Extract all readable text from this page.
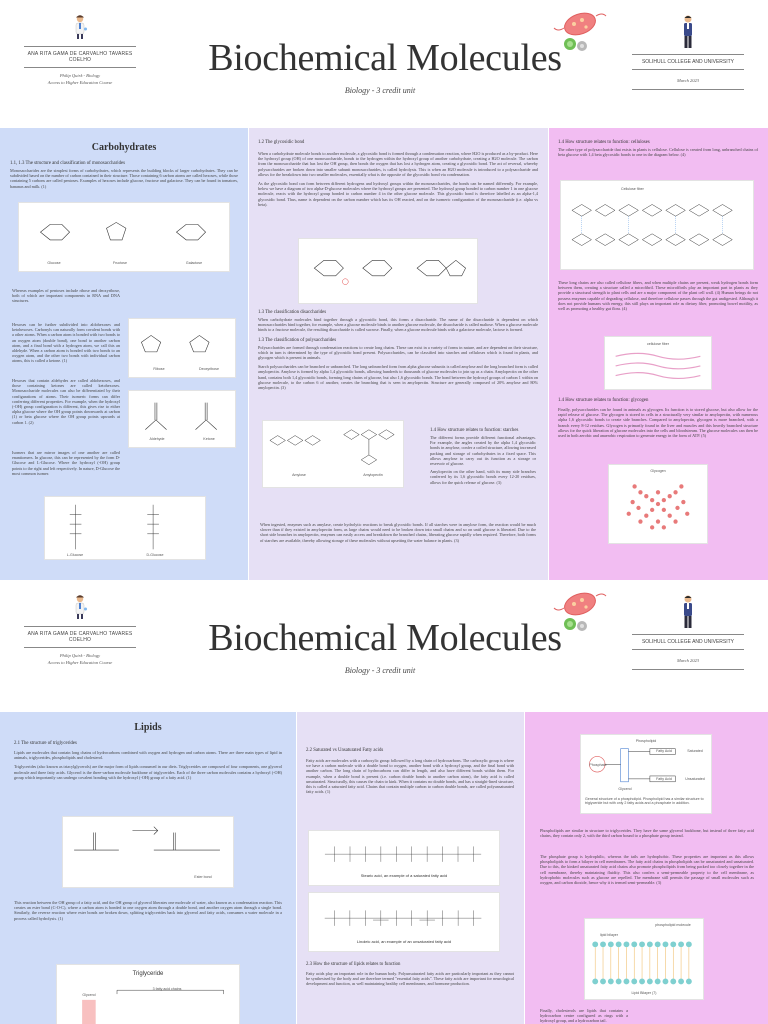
ANA RITA GAMA DE CARVALHO TAVARES COELHO
Philip Quirk - Biology
Access to Higher Education Course
Biochemical Molecules
Biology - 3 credit unit
SOLIHULL COLLEGE AND UNIVERSITY
March 2023
Carbohydrates
1.1, 1.3 The structure and classification of monosaccharides
Monosaccharides are the simplest forms of carbohydrates, which represents the building blocks of larger carbohydrates. They can be subdivided based on the number of carbon contained in their structure. Those containing 6 carbon atoms are called hexoses, while those containing 5 carbons are called pentoses. Examples of hexoses include glucose, fructose and galactose. They can be found in tomatoes, bananas and milk. (1)
Glucose	Fructose	Galactose
Whereas examples of pentoses include ribose and deoxyribose, both of which are important components in RNA and DNA structures.
Hexoses can be further subdivided into aldohexoses and ketohexoses. Carbonyls can naturally form covalent bonds with a other atoms. When a carbon atom is bonded with two bonds to an oxygen atom (double bond), one bond to another carbon atom, and a final bond with a hydrogen atom, we call this an aldehyde. When a carbon atom is bonded with two bonds to an oxygen atom, and the other two bonds with individual carbon atoms, this is called a ketone. (1)
Ribose	Deoxyribose
Hexoses that contain aldehydes are called aldohexoses, and those containing ketones are called ketohexoses. Monosaccharide molecules can also be differentiated by their configurations of atoms. Their isomeric forms can differ conferring different properties. For example, when the hydroxyl (-OH) group configuration is different, this gives rise to either alpha glucose where the OH group points downwards at carbon (1) or beta glucose where the OH group points upwards at carbon 1. (2)
Aldehyde	Ketone
Isomers that are mirror images of one another are called enantiomers. In glucose, this can be represented by the form D-Glucose and L-Glucose. Where the hydroxyl (-OH) group points to the right and left respectively. In nature, D-Glucose the most common isomer.
L-Glucose	D-Glucose
1.2 The glycosidic bond
When a carbohydrate molecule bonds to another molecule, a glycosidic bond is formed through a condensation reaction, where H2O is produced as a by-product. Here the hydroxyl group (OH) of one monosaccharide, bonds to the hydrogen within the hydroxyl group of another carbohydrate, creating a H2O molecule. The carbon from the monosaccharide that has lost the OH group, then bonds the oxygen that has lost a hydrogen atom, creating a glycosidic bond. The act of reversal, whereby polysaccharides are broken down into smaller subunit monosaccharides, is called hydrolysis. This is when an H2O molecule is introduced to a polysaccharide and allows for the breakdown into two smaller molecules, essentially what is the opposite of the glycosidic bond via condensation.
As the glycosidic bond can form between different hydrogens and hydroxyl groups within the monosaccharides, the bonds can be named differently. For example, below we have a diagram of two alpha-D-glucose molecules where the hydroxyl groups are presented. The hydroxyl group bonded to carbon number 1 in one glucose molecule, reacts with the hydroxyl group bonded to carbon number 4 in the other glucose molecule. This glycosidic bond is therefore labelled as an alpha-1,4 glycosidic bond. Thus, name is dependent on the carbon number which has its OH reacted, and on the isomeric configuration of the monosaccharide (i.e. alpha vs beta).
1.3 The classification disaccharides
When carbohydrate molecules bind together through a glycosidic bond, this forms a disaccharide. The name of the disaccharide is dependent on which monosaccharides bind together, for example, when a glucose molecule binds to another glucose molecule, the disaccharide is called maltose. When a glucose molecule binds to a fructose molecule, the resulting disaccharide is called sucrose. Finally, when a glucose molecule binds with a galactose molecule, lactose is formed.
1.3 The classification of polysaccharides
Polysaccharides are formed through condensation reactions to create long chains. These can exist in a variety of forms in nature, and are dependent on their structure, which in turn is determined by the type of glycosidic bond present. Polysaccharides, can be classified into starches and celluloses which is found in plants, and glycogen which is present in animals.
Starch polysaccharides can be branched or unbranched. The long unbranched form from alpha glucose subunits is called amylose and the long branched form is called amylopectin. Amylose is formed by alpha 1,4 glycosidic bonds, allowing hundreds to thousands of glucose molecules to join up as a chain. Amylopectin on the other hand, contains both 1,4 glycosidic bonds, forming long chains of glucose, but also 1,6 glycosidic bonds. The bond between the hydroxyl groups of carbon 1 within on glucose molecule, to the carbon 6 of another, creates the branching that is seen in amylopectin. Structure are generally composed of 20% amylose and 80% amylopectin. (3)
Amylose	Amylopectin
1.4 How structure relates to function: starches
The different forms provide different functional advantages. For example, the angles created by the alpha 1,4 glycosidic bonds in amylose, confer a coiled structure, allowing increased packing and storage of carbohydrates in a fixed space. This allows amylose to carry out its function as a storage or reservoir of glucose.
Amylopectin on the other hand, with its many side branches conferred by its 1,6 glycosidic bonds every 12-20 residues, allows for the quick release of glucose. (3)
When ingested, enzymes such as amylase, create hydrolytic reactions to break glycosidic bonds. If all starches were in amylose form, the reaction would be much slower than if they existed in amylopectin form, as large chains would need to be broken down into small chains and so on until glucose is liberated. Due to the short side branches in amylopectin, enzymes can easily access and breakdown the branched chains, liberating glucose rapidly when required. Therefore, both forms of starches are available, thereby allowing storage of these molecules without upsetting the water balance in plants. (3)
1.4 How structure relates to function: celluloses
The other type of polysaccharide that exists in plants is cellulose. Cellulose is created from long, unbranched chains of beta glucose with 1,4 beta glycosidic bonds to one in the diagram below. (4)
Cellulose fiber
These long chains are also called cellulose fibers, and when multiple chains are present, weak hydrogen bonds form between them, creating a structure called a microfibril. These microfibrils play an important part in plants as they provide a structural strength to plant cells and are a major component of the plant cell wall. (4) Human beings do not possess enzymes capable of degrading cellulose, and therefore cellulose passes through the gut undigested. Although it does not provide humans with energy, this still plays an important role as dietary fiber, promoting bowel motility, as well as promoting a healthy gut flora. (4)
cellulose fiber
1.4 How structure relates to function: glycogen
Finally, polysaccharides can be found in animals as glycogen. Its function is to stored glucose, but also allow for the rapid release of glucose. The glycogen is stored in cells in a structurally very similar to amylopectin, with numerous alpha 1,6 glycosidic bonds to create side branches. Compared to amylopectin, glycogen is more branched, with a branch every 8-12 residues. Glycogen is primarily found in the liver and muscles and this heavily branched structure allows for the quick liberation of glucose molecules into the cells and bloodstream. The glucose molecules can then be used in both aerobic and anaerobic respiration to generate energy in the form of ATP. (5)
Glycogen
ANA RITA GAMA DE CARVALHO TAVARES COELHO
Philip Quirk - Biology
Access to Higher Education Course
Biochemical Molecules
Biology - 3 credit unit
SOLIHULL COLLEGE AND UNIVERSITY
March 2023
Lipids
2.1 The structure of triglycerides
Lipids are molecules that contain long chains of hydrocarbons combined with oxygen and hydrogen and carbon atoms. There are three main types of lipid in animals, triglycerides, phospholipids and cholesterol.
Triglycerides (also known as triacylglycerols) are the major form of lipids consumed in our diets. Triglycerides are composed of four components, one glycerol molecule and three fatty acids. Glycerol is the three-carbon molecule backbone of triglycerides. Each of the three carbon molecules contains a hydroxyl (-OH) group which importantly can undergo covalent bonding with the hydroxyl (-OH) group of a fatty acid. (1)
Ester bond
This reaction between the OH group of a fatty acid, and the OH group of glycerol liberates one molecule of water, also known as a condensation reaction. This creates an ester bond (C-O-C), where a carbon atom is bonded to one oxygen atom through a double bond, and another oxygen atom through a single bond. Similarly, the reverse reaction where ester bonds are broken down, splitting triglycerides back into glycerol and fatty acids, consumes a water molecule in a process called hydrolysis. (1)
Triglyceride
Glycerol
3 fatty acid chains
2.2 Saturated vs Unsaturated Fatty acids
Fatty acids are molecules with a carboxylic group followed by a long chain of hydrocarbons. The carboxylic group is where we have a carbon molecule with a double bond to oxygen, another bond with a hydroxyl group, and the final bond with another carbon. The long chain of hydrocarbons can differ in length, and also have different bonds within them. For example, when a double bond is present (i.e. carbon double bonds to another carbon atom), the fatty acid is called unsaturated. Structurally, this causes the chain to kink. When it contains no double bonds, and has a straight-lined structure, this is called a saturated fatty acid. Chains that contain multiple carbon to carbon double bonds, are called polyunsaturated fatty acids. (1)
Stearic acid, an example of a saturated fatty acid
Linoleic acid, an example of an unsaturated fatty acid
2.3 How the structure of lipids relates to function
Fatty acids play an important role in the human body. Polyunsaturated fatty acids are particularly important as they cannot be synthesised by the body and are therefore termed "essential fatty acids". These fatty acids are important for neurological development and function, as well maintaining healthy cell membranes, and hormone production.
Phospholipid
Phosphate
Glycerol
Fatty Acid
Fatty Acid
Saturated
Unsaturated
General structure of a phospholipid. Phospholipid has a similar structure to triglyceride but with only 2 fatty acids and a phosphate in addition.
Phospholipids are similar in structure to triglycerides. They have the same glycerol backbone, but instead of three fatty acid chains, they contain only 2, with the third carbon bound to a phosphate group instead.
The phosphate group is hydrophilic, whereas the tails are hydrophobic. These properties are important as this allows phospholipids to form a bilayer in cell membranes. The fatty acid chains in phospholipids can be unsaturated and unsaturated. Due to this, the kinked unsaturated fatty acid chains also promote phospholipids from being packed too closely together in the cell membrane, thereby maintaining fluidity. This also confers a semi-permeable property to the cell membrane, as hydrophobic molecules such as glucose are repelled. The membrane still permits the passage of small molecules such as oxygen, and carbon dioxide, hence why it is termed semi-permeable. (3)
phospholipid molecule
lipid bilayer
Lipid Bilayer (7)
Finally, cholesterols are lipids that contains a hydrocarbon centre configured as rings with a hydroxyl group, and a hydrocarbon tail.
